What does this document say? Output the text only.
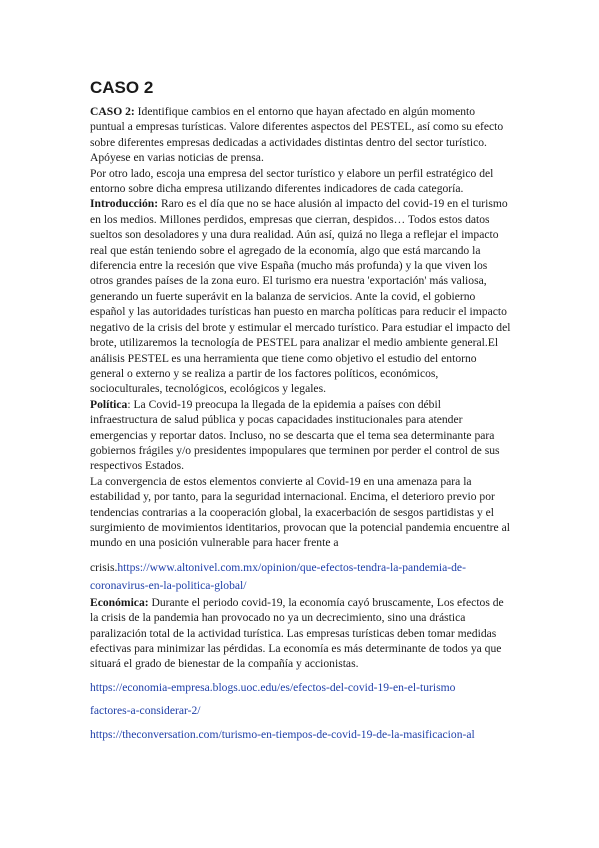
CASO 2

CASO 2: Identifique cambios en el entorno que hayan afectado en algún momento puntual a empresas turísticas. Valore diferentes aspectos del PESTEL, así como su efecto sobre diferentes empresas dedicadas a actividades distintas dentro del sector turístico. Apóyese en varias noticias de prensa.

Por otro lado, escoja una empresa del sector turístico y elabore un perfil estratégico del entorno sobre dicha empresa utilizando diferentes indicadores de cada categoría.

Introducción: Raro es el día que no se hace alusión al impacto del covid-19 en el turismo en los medios. Millones perdidos, empresas que cierran, despidos… Todos estos datos sueltos son desoladores y una dura realidad. Aún así, quizá no llega a reflejar el impacto real que están teniendo sobre el agregado de la economía, algo que está marcando la diferencia entre la recesión que vive España (mucho más profunda) y la que viven los otros grandes países de la zona euro. El turismo era nuestra 'exportación' más valiosa, generando un fuerte superávit en la balanza de servicios. Ante la covid, el gobierno español y las autoridades turísticas han puesto en marcha políticas para reducir el impacto negativo de la crisis del brote y estimular el mercado turístico. Para estudiar el impacto del brote, utilizaremos la tecnología de PESTEL para analizar el medio ambiente general.El análisis PESTEL es una herramienta que tiene como objetivo el estudio del entorno general o externo y se realiza a partir de los factores políticos, económicos, socioculturales, tecnológicos, ecológicos y legales.

Política: La Covid-19 preocupa la llegada de la epidemia a países con débil infraestructura de salud pública y pocas capacidades institucionales para atender emergencias y reportar datos. Incluso, no se descarta que el tema sea determinante para gobiernos frágiles y/o presidentes impopulares que terminen por perder el control de sus respectivos Estados.

La convergencia de estos elementos convierte al Covid-19 en una amenaza para la estabilidad y, por tanto, para la seguridad internacional. Encima, el deterioro previo por tendencias contrarias a la cooperación global, la exacerbación de sesgos partidistas y el surgimiento de movimientos identitarios, provocan que la potencial pandemia encuentre al mundo en una posición vulnerable para hacer frente a

crisis.https://www.altonivel.com.mx/opinion/que-efectos-tendra-la-pandemia-de-coronavirus-en-la-politica-global/

Económica: Durante el periodo covid-19, la economía cayó bruscamente, Los efectos de la crisis de la pandemia han provocado no ya un decrecimiento, sino una drástica paralización total de la actividad turística. Las empresas turísticas deben tomar medidas efectivas para minimizar las pérdidas. La economía es más determinante de todos ya que situará el grado de bienestar de la compañía y accionistas.

https://economia-empresa.blogs.uoc.edu/es/efectos-del-covid-19-en-el-turismo

factores-a-considerar-2/

https://theconversation.com/turismo-en-tiempos-de-covid-19-de-la-masificacion-al
